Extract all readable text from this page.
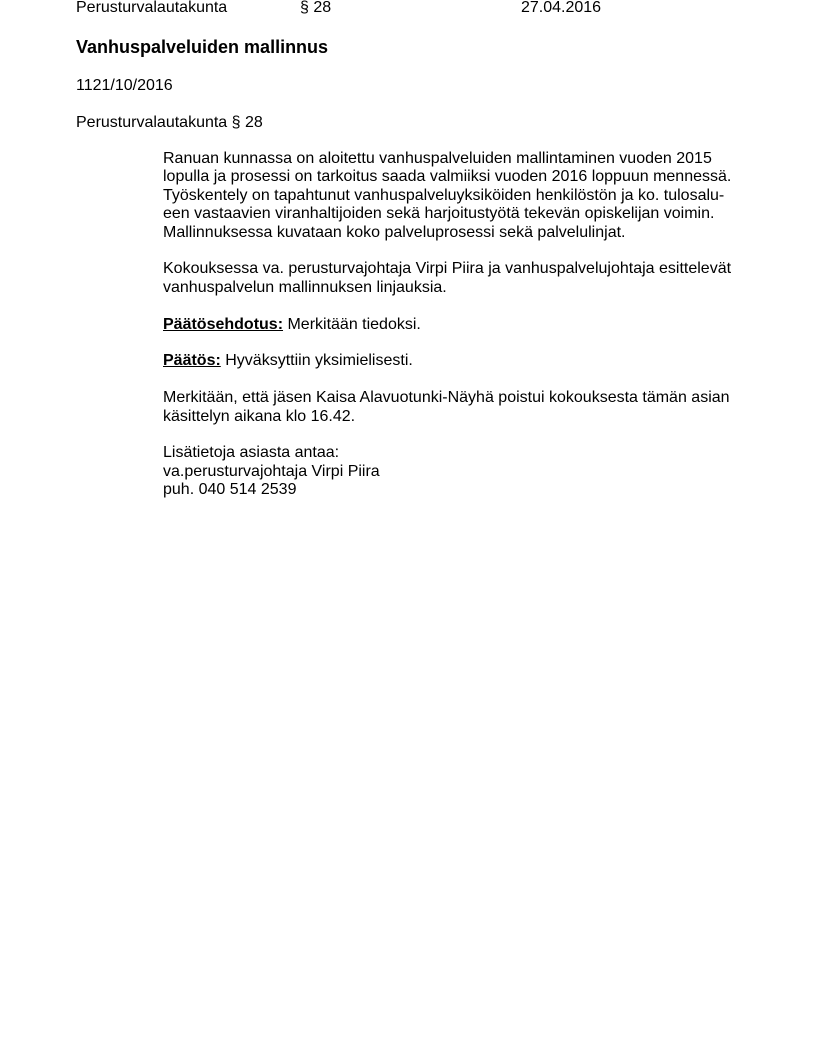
Perusturvalautakunta	§ 28	27.04.2016
Vanhuspalveluiden mallinnus
1121/10/2016
Perusturvalautakunta § 28

Ranuan kunnassa on aloitettu vanhuspalveluiden mallintaminen vuoden 2015
lopulla ja prosessi on tarkoitus saada valmiiksi vuoden 2016 loppuun mennessä.
Työskentely on tapahtunut vanhuspalveluyksiköiden henkilöstön ja ko. tulosalu-
een vastaavien viranhaltijoiden sekä harjoitustyötä tekevän opiskelijan voimin.
Mallinnuksessa kuvataan koko palveluprosessi sekä palvelulinjat.

Kokouksessa va. perusturvajohtaja Virpi Piira ja vanhuspalvelujohtaja esittelevät
vanhuspalvelun mallinnuksen linjauksia.

Päätösehdotus: Merkitään tiedoksi.

Päätös: Hyväksyttiin yksimielisesti.

Merkitään, että jäsen Kaisa Alavuotunki-Näyhä poistui kokouksesta tämän asian
käsittelyn aikana klo 16.42.

Lisätietoja asiasta antaa:
va.perusturvajohtaja Virpi Piira
puh. 040 514 2539
